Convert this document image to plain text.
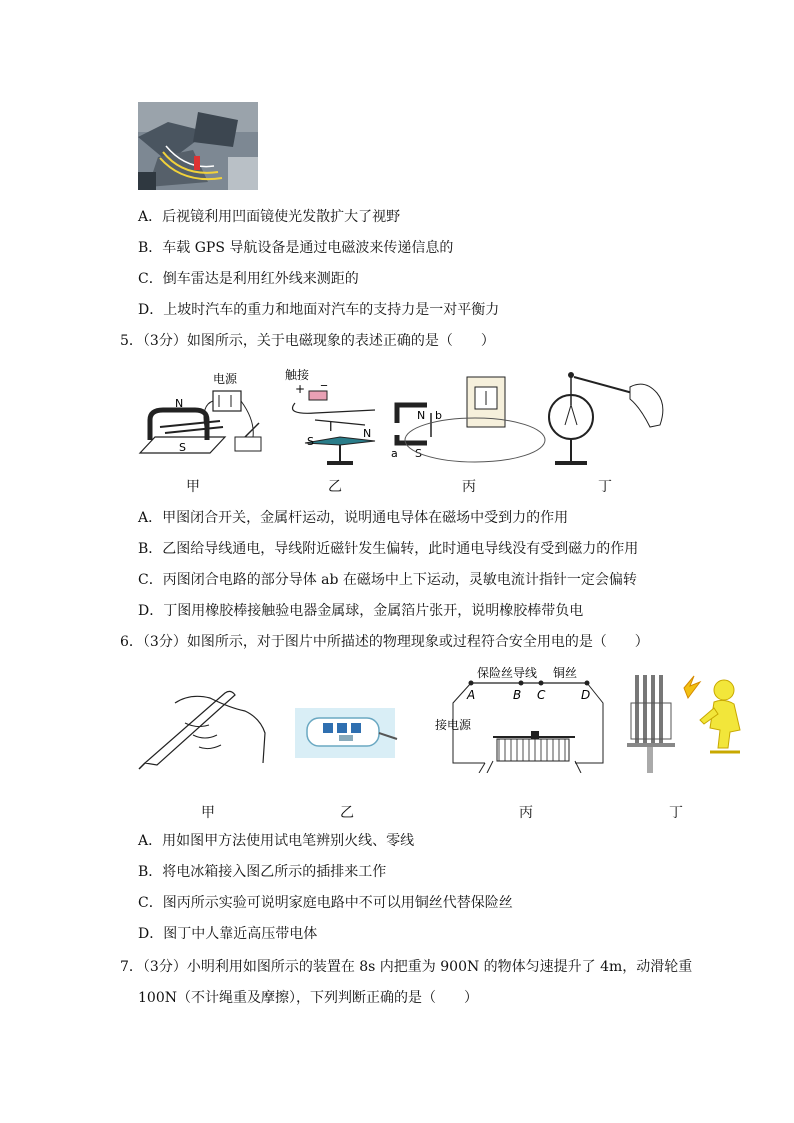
A．后视镜利用凹面镜使光发散扩大了视野
B．车载 GPS 导航设备是通过电磁波来传递信息的
C．倒车雷达是利用红外线来测距的
D．上坡时汽车的重力和地面对汽车的支持力是一对平衡力
5．（3分）如图所示，关于电磁现象的表述正确的是（　　）
N
S
电源	触接
+
_
I
S
N
N b
a S
甲	乙	丙	丁
A．甲图闭合开关，金属杆运动，说明通电导体在磁场中受到力的作用
B．乙图给导线通电，导线附近磁针发生偏转，此时通电导线没有受到磁力的作用
C．丙图闭合电路的部分导体 ab 在磁场中上下运动，灵敏电流计指针一定会偏转
D．丁图用橡胶棒接触验电器金属球，金属箔片张开，说明橡胶棒带负电
6．（3分）如图所示，对于图片中所描述的物理现象或过程符合安全用电的是（　　）
保险丝导线 铜丝
A	B C	D
接电源
甲	乙	丙	丁
A．用如图甲方法使用试电笔辨别火线、零线
B．将电冰箱接入图乙所示的插排来工作
C．图丙所示实验可说明家庭电路中不可以用铜丝代替保险丝
D．图丁中人靠近高压带电体
7．（3分）小明利用如图所示的装置在 8s 内把重为 900N 的物体匀速提升了 4m，动滑轮重
100N（不计绳重及摩擦），下列判断正确的是（　　）
